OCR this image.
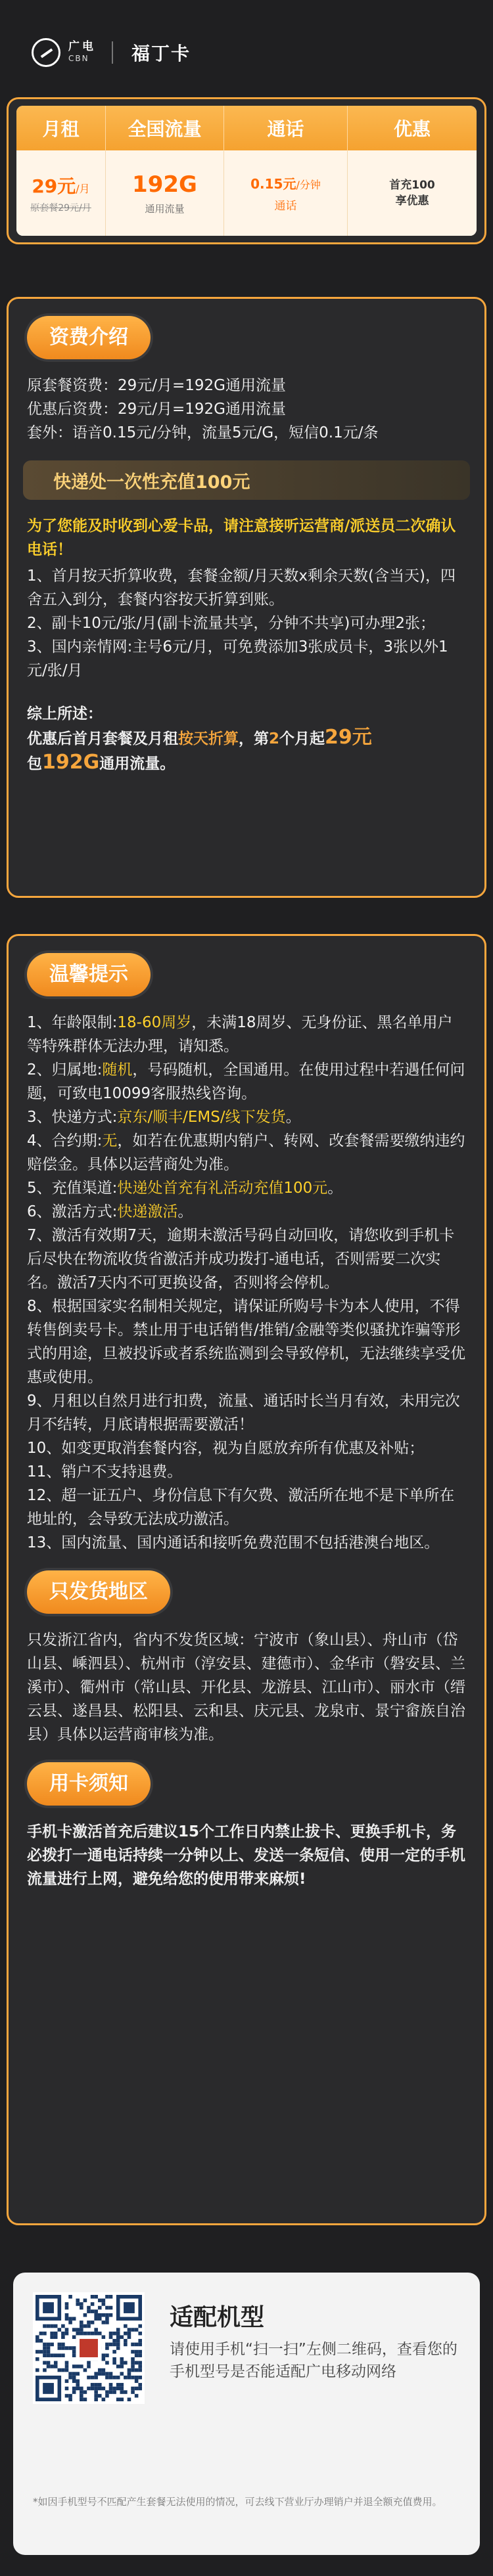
广电
CBN	福丁卡
月租
29元/月
原套餐29元/月
全国流量
192G
通用流量
通话
0.15元/分钟
通话
优惠
首充100
享优惠
资费介绍
原套餐资费：29元/月=192G通用流量
优惠后资费：29元/月=192G通用流量
套外：语音0.15元/分钟，流量5元/G，短信0.1元/条
快递处一次性充值100元
为了您能及时收到心爱卡品，请注意接听运营商/派送员二次确认电话！
1、首月按天折算收费，套餐金额/月天数x剩余天数(含当天)，四舍五入到分，套餐内容按天折算到账。
2、副卡10元/张/月(副卡流量共享，分钟不共享)可办理2张；
3、国内亲情网:主号6元/月，可免费添加3张成员卡，3张以外1元/张/月
综上所述：
优惠后首月套餐及月租按天折算，第2个月起29元
包192G通用流量。
温馨提示
1、年龄限制:18-60周岁，未满18周岁、无身份证、黑名单用户等特殊群体无法办理，请知悉。
2、归属地:随机，号码随机，全国通用。在使用过程中若遇任何问题，可致电10099客服热线咨询。
3、快递方式:京东/顺丰/EMS/线下发货。
4、合约期:无，如若在优惠期内销户、转网、改套餐需要缴纳违约赔偿金。具体以运营商处为准。
5、充值渠道:快递处首充有礼活动充值100元。
6、激活方式:快递激活。
7、激活有效期7天，逾期未激活号码自动回收，请您收到手机卡后尽快在物流收货省激活并成功拨打-通电话，否则需要二次实名。激活7天内不可更换设备，否则将会停机。
8、根据国家实名制相关规定，请保证所购号卡为本人使用，不得转售倒卖号卡。禁止用于电话销售/推销/金融等类似骚扰诈骗等形式的用途，旦被投诉或者系统监测到会导致停机，无法继续享受优惠或使用。
9、月租以自然月进行扣费，流量、通话时长当月有效，未用完次月不结转，月底请根据需要激活！
10、如变更取消套餐内容，视为自愿放弃所有优惠及补贴；
11、销户不支持退费。
12、超一证五户、身份信息下有欠费、激活所在地不是下单所在地址的，会导致无法成功激活。
13、国内流量、国内通话和接听免费范围不包括港澳台地区。
只发货地区
只发浙江省内，省内不发货区域：宁波市（象山县）、舟山市（岱山县、嵊泗县）、杭州市（淳安县、建德市）、金华市（磐安县、兰溪市）、衢州市（常山县、开化县、龙游县、江山市）、丽水市（缙云县、遂昌县、松阳县、云和县、庆元县、龙泉市、景宁畲族自治县）具体以运营商审核为准。
用卡须知
手机卡激活首充后建议15个工作日内禁止拔卡、更换手机卡，务必拨打一通电话持续一分钟以上、发送一条短信、使用一定的手机流量进行上网，避免给您的使用带来麻烦!
适配机型
请使用手机“扫一扫”左侧二维码，查看您的手机型号是否能适配广电移动网络
*如因手机型号不匹配产生套餐无法使用的情况，可去线下营业厅办理销户并退全额充值费用。
